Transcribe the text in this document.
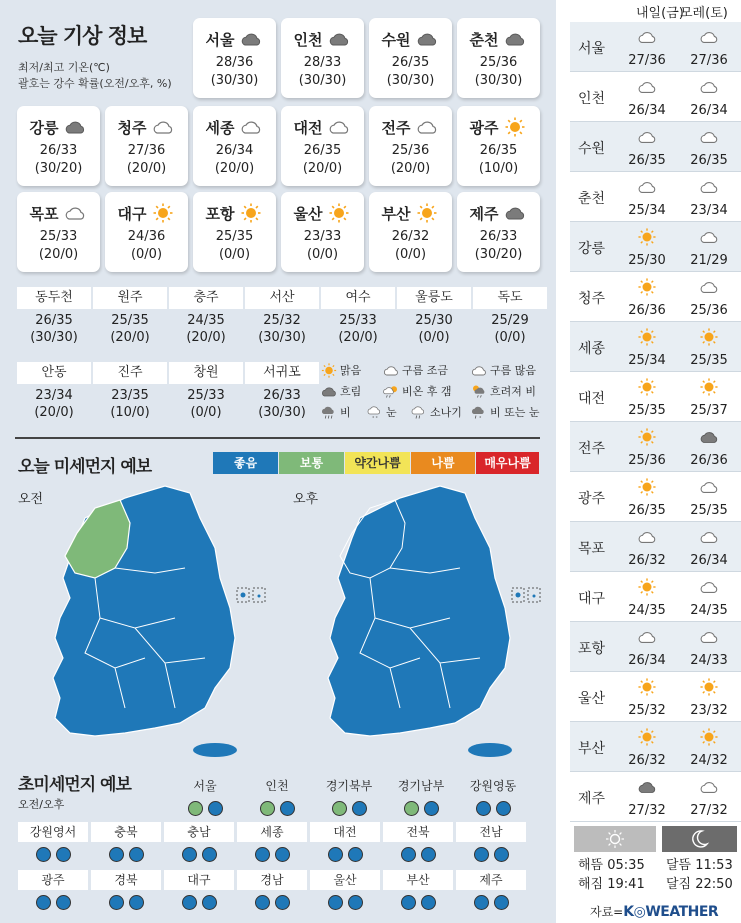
오늘 기상 정보
최저/최고 기온(℃)
괄호는 강수 확률(오전/오후, %)
서울
28/36
(30/30)
인천
28/33
(30/30)
수원
26/35
(30/30)
춘천
25/36
(30/30)
강릉
26/33
(30/20)
청주
27/36
(20/0)
세종
26/34
(20/0)
대전
26/35
(20/0)
전주
25/36
(20/0)
광주
26/35
(10/0)
목포
25/33
(20/0)
대구
24/36
(0/0)
포항
25/35
(0/0)
울산
23/33
(0/0)
부산
26/32
(0/0)
제주
26/33
(30/20)
동두천
26/35
(30/30)
원주
25/35
(20/0)
충주
24/35
(20/0)
서산
25/32
(30/30)
여수
25/33
(20/0)
울릉도
25/30
(0/0)
독도
25/29
(0/0)
안동
23/34
(20/0)
진주
23/35
(10/0)
창원
25/33
(0/0)
서귀포
26/33
(30/30)
맑음	구름 조금	구름 많음
흐림	비온 후 갬	흐려져 비
비	* * 눈	소나기	* 비 또는 눈
오늘 미세먼지 예보	좋음	보통	약간나쁨	나쁨	매우나쁨
오전	오후
초미세먼지 예보
오전/오후
서울	인천	경기북부	경기남부	강원영동
강원영서	충북	충남	세종	대전	전북	전남
광주	경북	대구	경남	울산	부산	제주
내일(금)
모레(토)
서울
27/36	27/36
인천
26/34	26/34
수원
26/35	26/35
춘천
25/34	23/34
강릉
25/30	21/29
청주
26/36	25/36
세종
25/34	25/35
대전
25/35	25/37
전주
25/36	26/36
광주
26/35	25/35
목포
26/32	26/34
대구
24/35	24/35
포항
26/34	24/33
울산
25/32	23/32
부산
26/32	24/32
제주
27/32	27/32
해뜸 05:35
해짐 19:41
달뜸 11:53
달짐 22:50
자료=K◎WEATHER
